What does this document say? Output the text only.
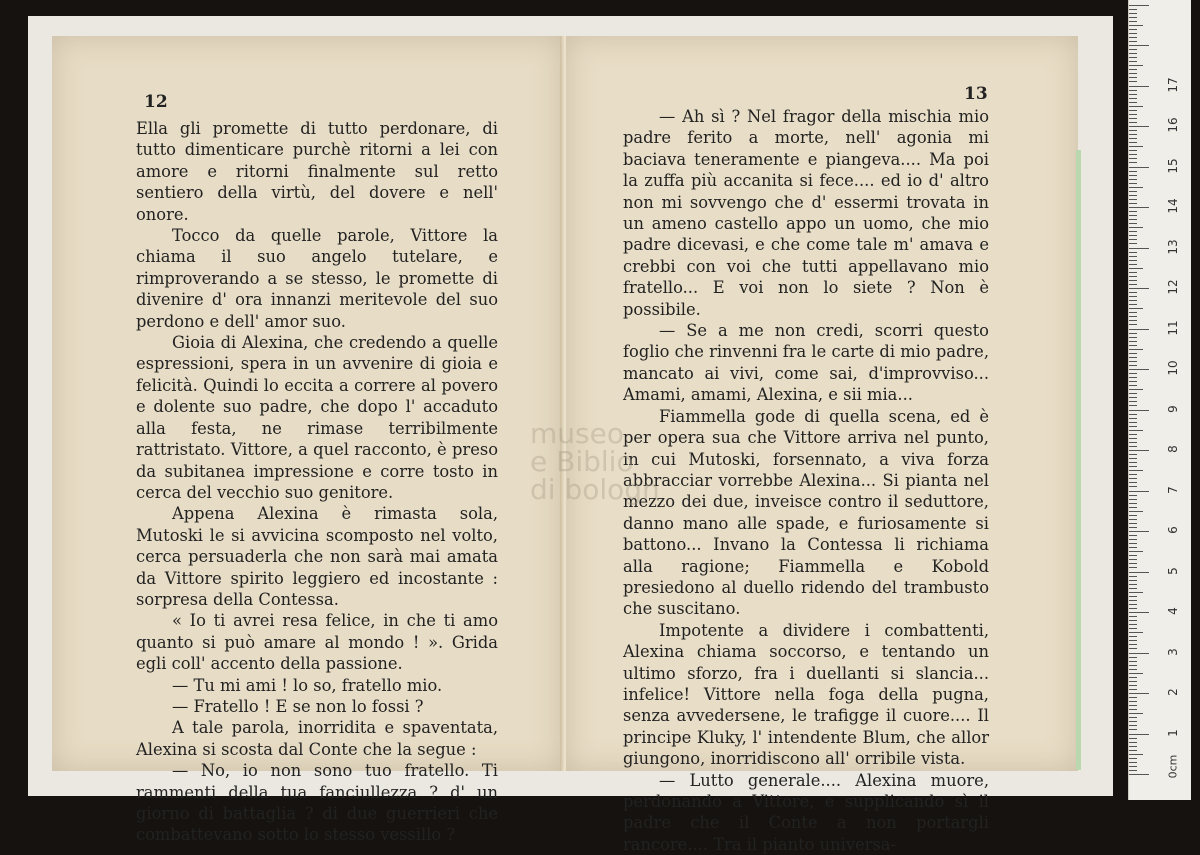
12

Ella gli promette di tutto perdonare, di tutto dimenticare purchè ritorni a lei con amore e ritorni finalmente sul retto sentiero della virtù, del dovere e nell' onore.

Tocco da quelle parole, Vittore la chiama il suo angelo tutelare, e rimproverando a se stesso, le promette di divenire d' ora innanzi meritevole del suo perdono e dell' amor suo.

Gioia di Alexina, che credendo a quelle espressioni, spera in un avvenire di gioia e felicità. Quindi lo eccita a correre al povero e dolente suo padre, che dopo l' accaduto alla festa, ne rimase terribilmente rattristato. Vittore, a quel racconto, è preso da subitanea impressione e corre tosto in cerca del vecchio suo genitore.

Appena Alexina è rimasta sola, Mutoski le si avvicina scomposto nel volto, cerca persuaderla che non sarà mai amata da Vittore spirito leggiero ed incostante : sorpresa della Contessa.

« Io ti avrei resa felice, in che ti amo quanto si può amare al mondo ! ». Grida egli coll' accento della passione.

— Tu mi ami ! lo so, fratello mio.

— Fratello ! E se non lo fossi ?

A tale parola, inorridita e spaventata, Alexina si scosta dal Conte che la segue :

— No, io non sono tuo fratello. Ti rammenti della tua fanciullezza ? d' un giorno di battaglia ? di due guerrieri che combattevano sotto lo stesso vessillo ?

13

— Ah sì ? Nel fragor della mischia mio padre ferito a morte, nell' agonia mi baciava teneramente e piangeva.... Ma poi la zuffa più accanita si fece.... ed io d' altro non mi sovvengo che d' essermi trovata in un ameno castello appo un uomo, che mio padre dicevasi, e che come tale m' amava e crebbi con voi che tutti appellavano mio fratello... E voi non lo siete ? Non è possibile.

— Se a me non credi, scorri questo foglio che rinvenni fra le carte di mio padre, mancato ai vivi, come sai, d'improvviso... Amami, amami, Alexina, e sii mia...

Fiammella gode di quella scena, ed è per opera sua che Vittore arriva nel punto, in cui Mutoski, forsennato, a viva forza abbracciar vorrebbe Alexina... Si pianta nel mezzo dei due, inveisce contro il seduttore, danno mano alle spade, e furiosamente si battono... Invano la Contessa li richiama alla ragione; Fiammella e Kobold presiedono al duello ridendo del trambusto che suscitano.

Impotente a dividere i combattenti, Alexina chiama soccorso, e tentando un ultimo sforzo, fra i duellanti si slancia... infelice! Vittore nella foga della pugna, senza avvedersene, le trafigge il cuore.... Il principe Kluky, l' intendente Blum, che allor giungono, inorridiscono all' orribile vista.

— Lutto generale.... Alexina muore, perdonando a Vittore, e supplicando sì il padre che il Conte a non portargli rancore.... Tra il pianto universa-

museo
e Biblio
di bologn
0cm
1
2
3
4
5
6
7
8
9
10
11
12
13
14
15
16
17
